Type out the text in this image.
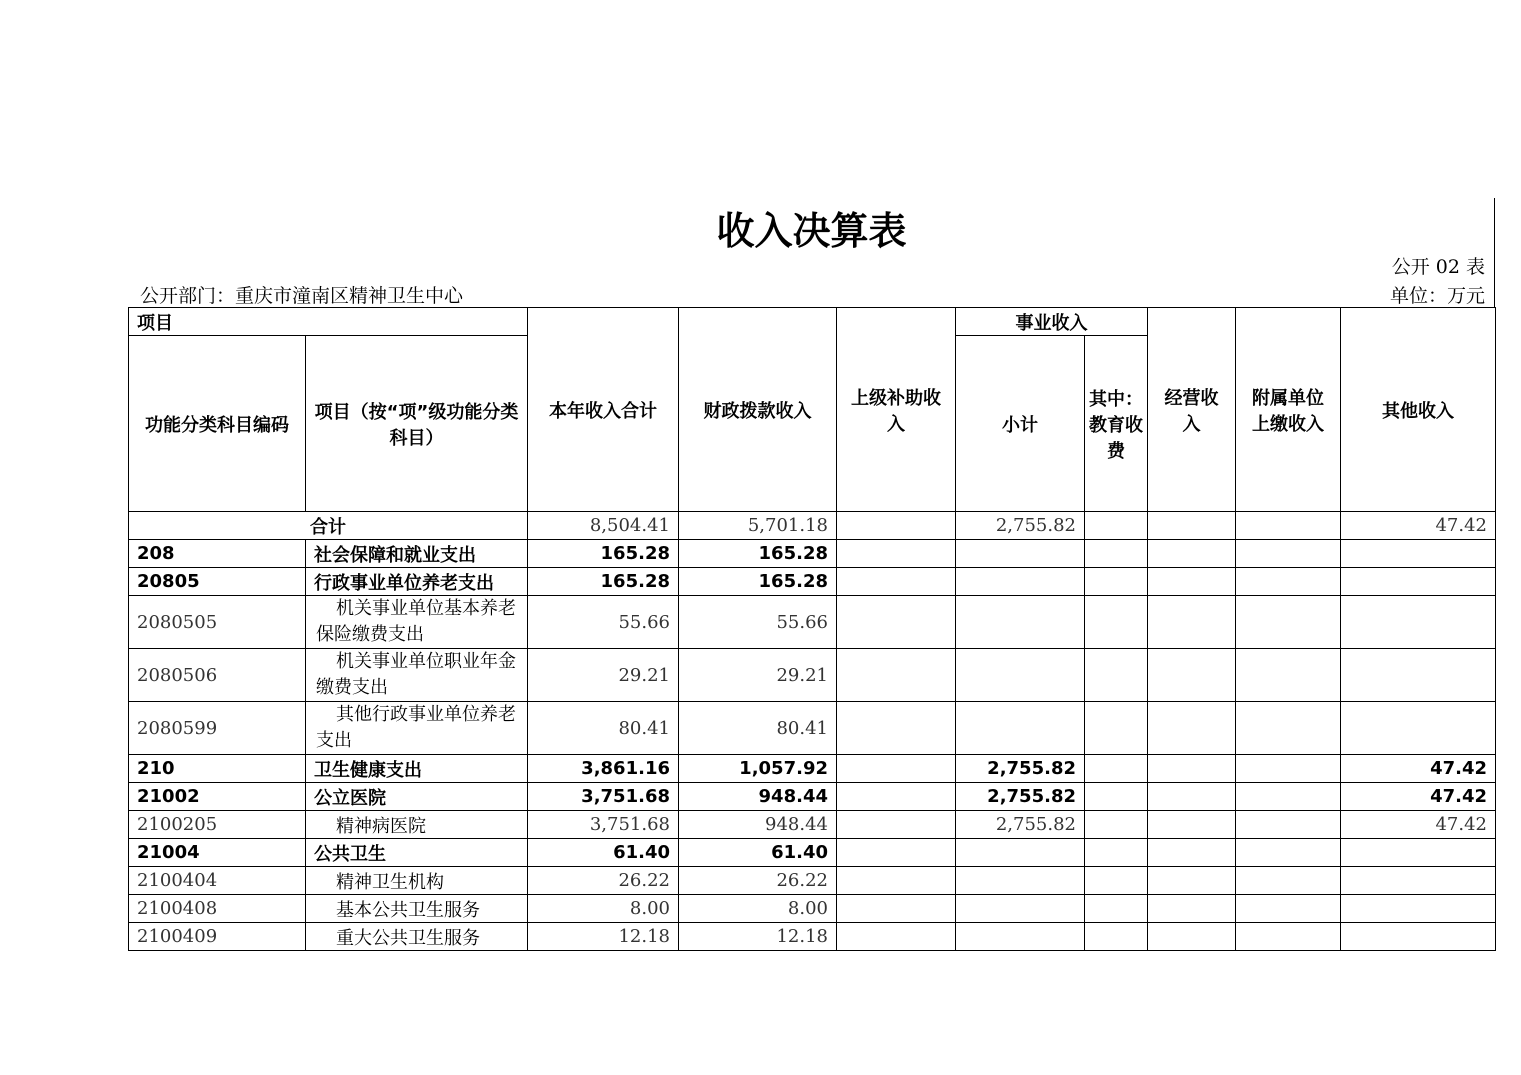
收入决算表
公开 02 表
公开部门：重庆市潼南区精神卫生中心	单位：万元
项目		本年收入合计	财政拨款收入	上级补助收入	事业收入		经营收入	附属单位上缴收入	其他收入
功能分类科目编码	项目（按“项”级功能分类科目）				小计	其中：教育收费			
合计		8,504.41	5,701.18		2,755.82				47.42
208	社会保障和就业支出	165.28	165.28						
20805	行政事业单位养老支出	165.28	165.28						
2080505	机关事业单位基本养老保险缴费支出	55.66	55.66						
2080506	机关事业单位职业年金缴费支出	29.21	29.21						
2080599	其他行政事业单位养老支出	80.41	80.41						
210	卫生健康支出	3,861.16	1,057.92		2,755.82				47.42
21002	公立医院	3,751.68	948.44		2,755.82				47.42
2100205	精神病医院	3,751.68	948.44		2,755.82				47.42
21004	公共卫生	61.40	61.40						
2100404	精神卫生机构	26.22	26.22						
2100408	基本公共卫生服务	8.00	8.00						
2100409	重大公共卫生服务	12.18	12.18						
